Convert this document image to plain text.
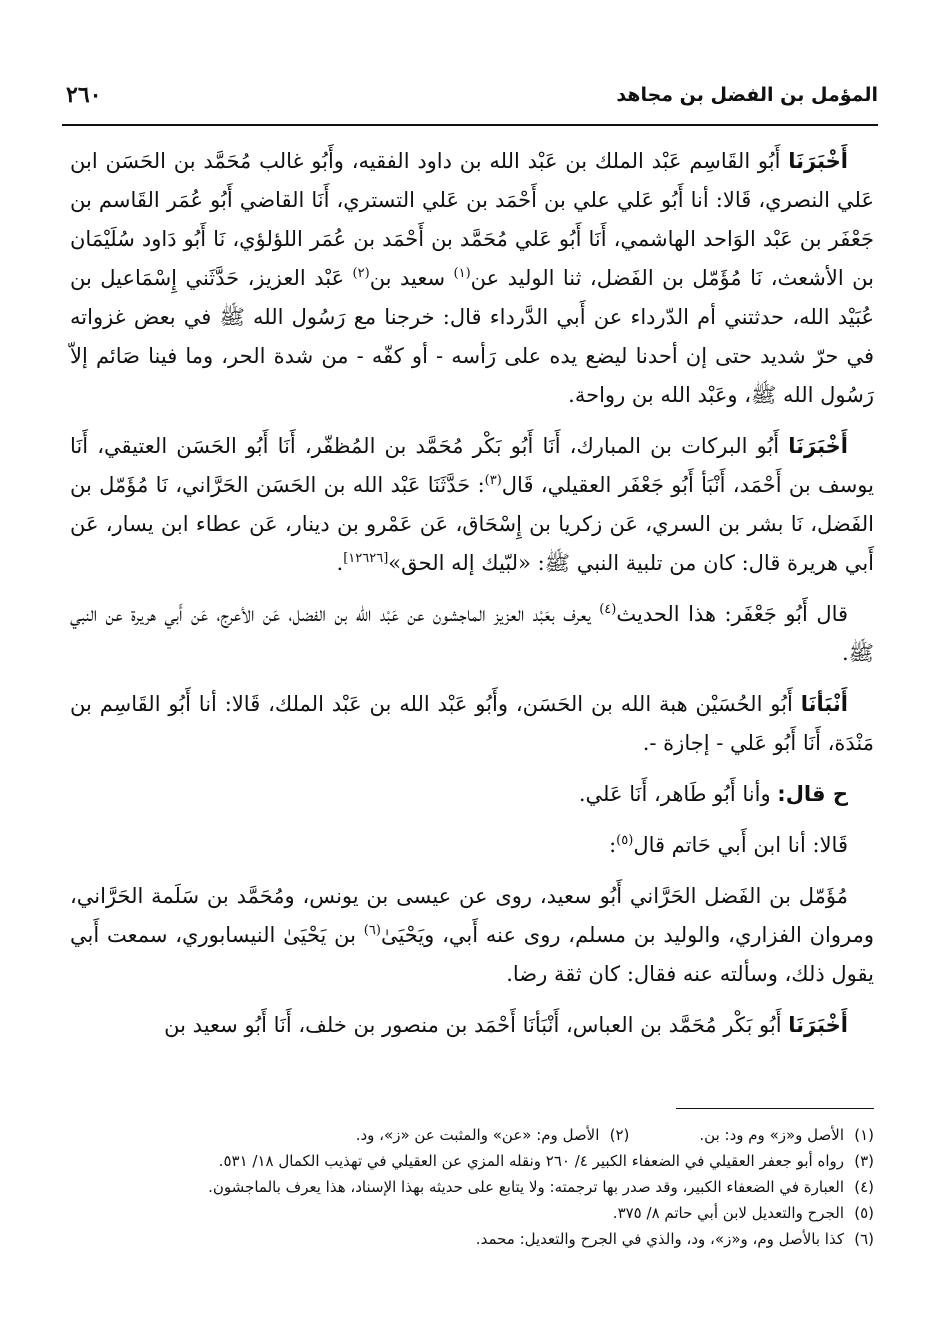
المؤمل بن الفضل بن مجاهد
٢٦٠

أَخْبَرَنَا أَبُو القَاسِم عَبْد الملك بن عَبْد الله بن داود الفقيه، وأَبُو غالب مُحَمَّد بن الحَسَن ابن عَلي النصري، قَالا: أنا أَبُو عَلي علي بن أَحْمَد بن عَلي التستري، أَنَا القاضي أَبُو عُمَر القَاسم بن جَعْفَر بن عَبْد الوَاحد الهاشمي، أَنَا أَبُو عَلي مُحَمَّد بن أَحْمَد بن عُمَر اللؤلؤي، نَا أَبُو دَاود سُلَيْمَان بن الأشعث، نَا مُؤَمّل بن الفَضل، ثنا الوليد عن$^{(١)}$ سعيد بن$^{(٢)}$ عَبْد العزيز، حَدَّثَني إِسْمَاعيل بن عُبَيْد الله، حدثتني أم الدّرداء عن أَبي الدَّرداء قال: خرجنا مع رَسُول الله ﷺ في بعض غزواته في حرّ شديد حتى إن أحدنا ليضع يده على رَأسه - أو كفّه - من شدة الحر، وما فينا صَائم إلاّ رَسُول الله ﷺ، وعَبْد الله بن رواحة.

أَخْبَرَنَا أَبُو البركات بن المبارك، أَنَا أَبُو بَكْر مُحَمَّد بن المُظفّر، أَنَا أَبُو الحَسَن العتيقي، أَنَا يوسف بن أَحْمَد، أَنْبَأ أَبُو جَعْفَر العقيلي، قَال$^{(٣)}$: حَدَّثَنَا عَبْد الله بن الحَسَن الحَرَّاني، نَا مُؤَمّل بن الفَضل، نَا بشر بن السري، عَن زكريا بن إِسْحَاق، عَن عَمْرو بن دينار، عَن عطاء ابن يسار، عَن أَبي هريرة قال: كان من تلبية النبي ﷺ: «لبّيك إله الحق»[١٢٦٢٦].

قال أَبُو جَعْفَر: هذا الحديث$^{(٤)}$ يعرف بعَبْد العزيز الماجشون عن عَبْد الله بن الفضل، عَن الأعرج، عَن أَبي هريرة عن النبي ﷺ.

أَنْبَأنَا أَبُو الحُسَيْن هبة الله بن الحَسَن، وأَبُو عَبْد الله بن عَبْد الملك، قَالا: أنا أَبُو القَاسِم بن مَنْدَة، أَنَا أَبُو عَلي - إجازة -.

ح قال: وأنا أَبُو طَاهر، أَنَا عَلي.

قَالا: أنا ابن أَبي حَاتم قال$^{(٥)}$:

مُؤَمّل بن الفَضل الحَرَّاني أَبُو سعيد، روى عن عيسى بن يونس، ومُحَمَّد بن سَلَمة الحَرَّاني، ومروان الفزاري، والوليد بن مسلم، روى عنه أَبي، ويَحْيَىٰ$^{(٦)}$ بن يَحْيَىٰ النيسابوري، سمعت أَبي يقول ذلك، وسألته عنه فقال: كان ثقة رضا.

أَخْبَرَنَا أَبُو بَكْر مُحَمَّد بن العباس، أَنْبَأنَا أَحْمَد بن منصور بن خلف، أَنَا أَبُو سعيد بن

(١)الأصل و«ز» وم ود: بن.
(٢)الأصل وم: «عن» والمثبت عن «ز»، ود.
(٣)رواه أبو جعفر العقيلي في الضعفاء الكبير ٤/ ٢٦٠ ونقله المزي عن العقيلي في تهذيب الكمال ١٨/ ٥٣١.
(٤)العبارة في الضعفاء الكبير، وقد صدر بها ترجمته: ولا يتابع على حديثه بهذا الإسناد، هذا يعرف بالماجشون.
(٥)الجرح والتعديل لابن أبي حاتم ٨/ ٣٧٥.
(٦)كذا بالأصل وم، و«ز»، ود، والذي في الجرح والتعديل: محمد.
